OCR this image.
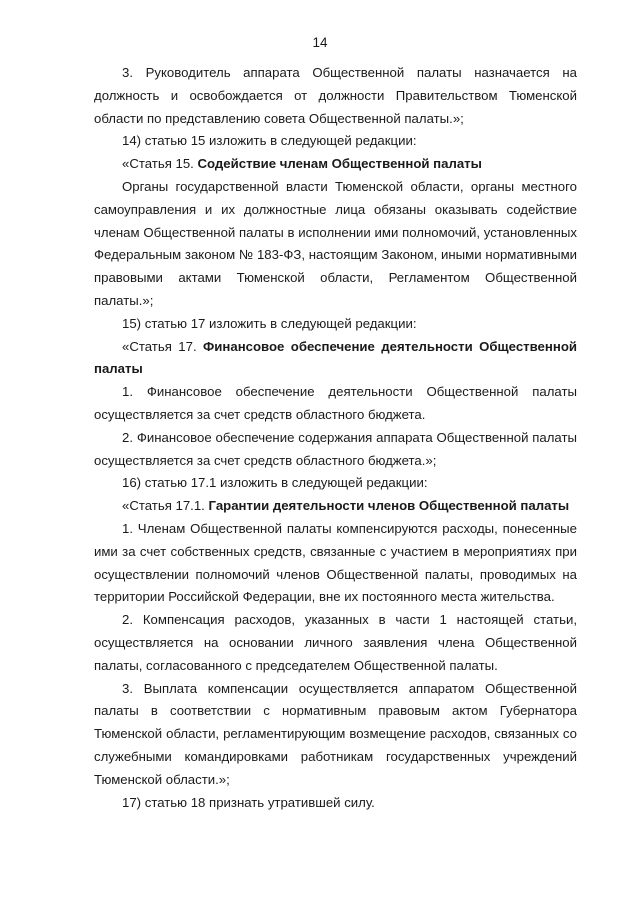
14

3. Руководитель аппарата Общественной палаты назначается на должность и освобождается от должности Правительством Тюменской области по представлению совета Общественной палаты.»;

14) статью 15 изложить в следующей редакции:

«Статья 15. Содействие членам Общественной палаты

Органы государственной власти Тюменской области, органы местного самоуправления и их должностные лица обязаны оказывать содействие членам Общественной палаты в исполнении ими полномочий, установленных Федеральным законом № 183-ФЗ, настоящим Законом, иными нормативными правовыми актами Тюменской области, Регламентом Общественной палаты.»;

15) статью 17 изложить в следующей редакции:

«Статья 17. Финансовое обеспечение деятельности Общественной палаты

1. Финансовое обеспечение деятельности Общественной палаты осуществляется за счет средств областного бюджета.

2. Финансовое обеспечение содержания аппарата Общественной палаты осуществляется за счет средств областного бюджета.»;

16) статью 17.1 изложить в следующей редакции:

«Статья 17.1. Гарантии деятельности членов Общественной палаты

1. Членам Общественной палаты компенсируются расходы, понесенные ими за счет собственных средств, связанные с участием в мероприятиях при осуществлении полномочий членов Общественной палаты, проводимых на территории Российской Федерации, вне их постоянного места жительства.

2. Компенсация расходов, указанных в части 1 настоящей статьи, осуществляется на основании личного заявления члена Общественной палаты, согласованного с председателем Общественной палаты.

3. Выплата компенсации осуществляется аппаратом Общественной палаты в соответствии с нормативным правовым актом Губернатора Тюменской области, регламентирующим возмещение расходов, связанных со служебными командировками работникам государственных учреждений Тюменской области.»;

17) статью 18 признать утратившей силу.
